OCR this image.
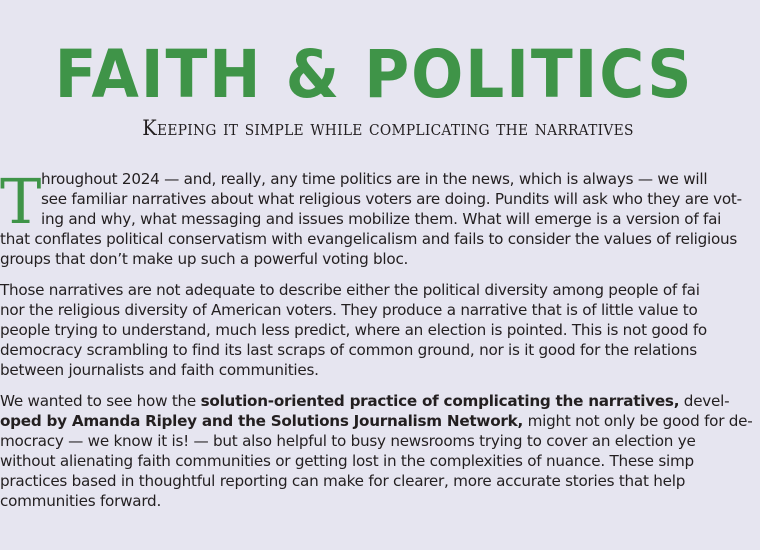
FAITH & POLITICS
Keeping it simple while complicating the narratives
T hroughout 2024 — and, really, any time politics are in the news, which is always — we will
see familiar narratives about what religious voters are doing. Pundits will ask who they are vot-
ing and why, what messaging and issues mobilize them. What will emerge is a version of fai
that conflates political conservatism with evangelicalism and fails to consider the values of religious
groups that don’t make up such a powerful voting bloc.

Those narratives are not adequate to describe either the political diversity among people of fai
nor the religious diversity of American voters. They produce a narrative that is of little value to
people trying to understand, much less predict, where an election is pointed. This is not good fo
democracy scrambling to find its last scraps of common ground, nor is it good for the relations
between journalists and faith communities.

We wanted to see how the solution-oriented practice of complicating the narratives, devel-
oped by Amanda Ripley and the Solutions Journalism Network, might not only be good for de-
mocracy — we know it is! — but also helpful to busy newsrooms trying to cover an election ye
without alienating faith communities or getting lost in the complexities of nuance. These simp
practices based in thoughtful reporting can make for clearer, more accurate stories that help
communities forward.
